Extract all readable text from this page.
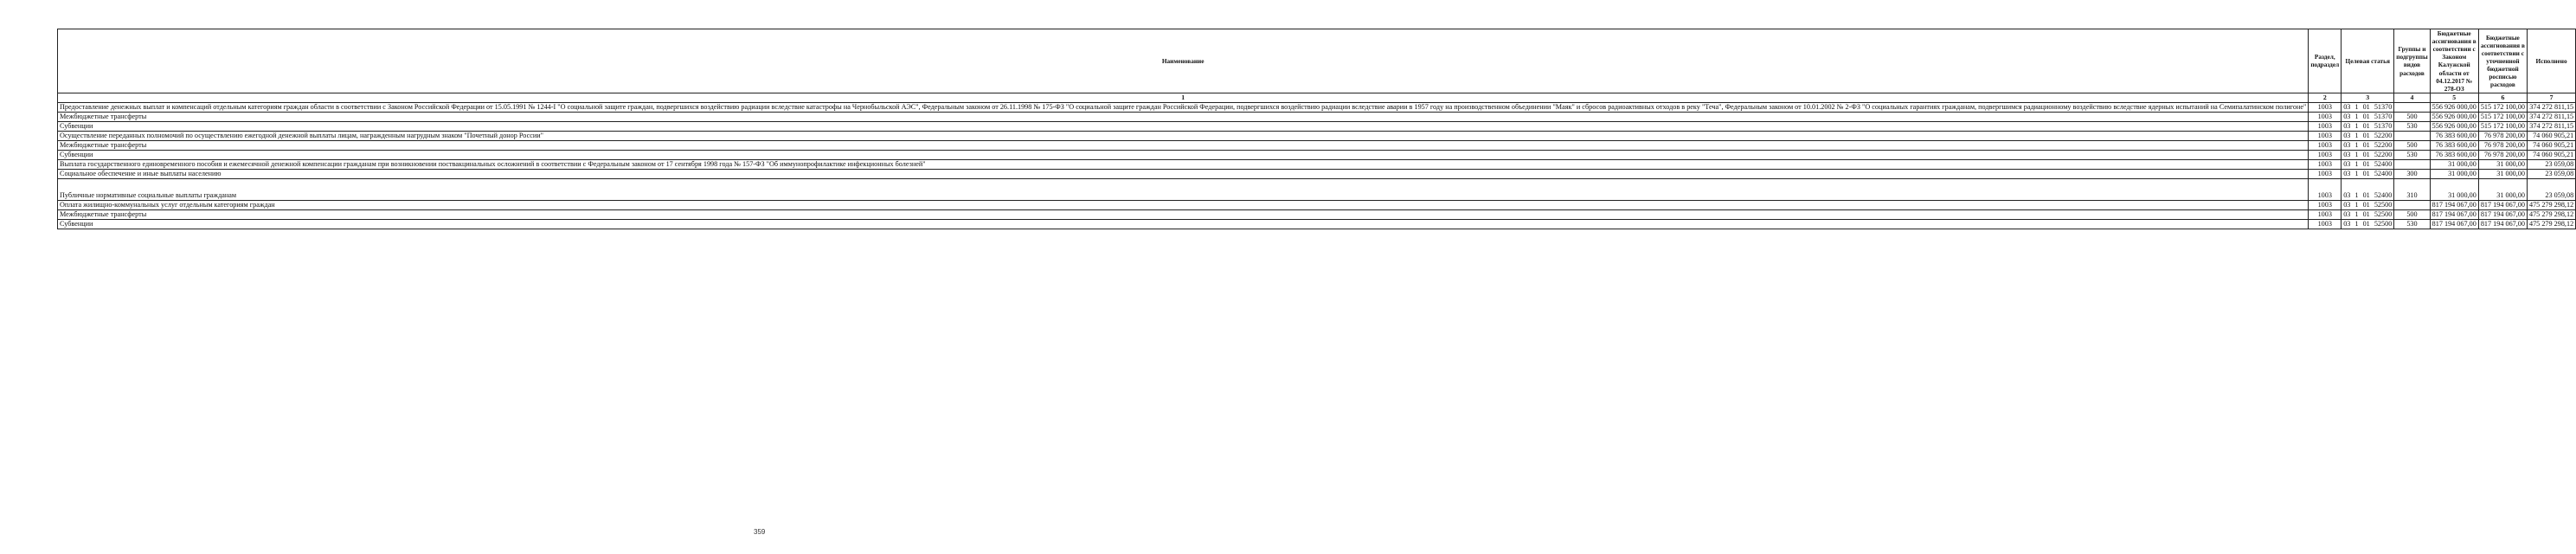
Наименование	Раздел, подраздел	Целевая статья	Группы и подгруппы видов расходов	Бюджетные ассигнования в соответствии с Законом Калужской области от 04.12.2017 № 278-ОЗ	Бюджетные ассигнования в соответствии с уточненной бюджетной росписью расходов	Исполнено
1	2	3	4	5	6	7
Предоставление денежных выплат и компенсаций отдельным категориям граждан области в соответствии с Законом Российской Федерации от 15.05.1991 № 1244-I "О социальной защите граждан, подвергшихся воздействию радиации вследствие катастрофы на Чернобыльской АЭС", Федеральным законом от 26.11.1998 № 175-ФЗ "О социальной защите граждан Российской Федерации, подвергшихся воздействию радиации вследствие аварии в 1957 году на производственном объединении "Маяк" и сбросов радиоактивных отходов в реку "Теча", Федеральным законом от 10.01.2002 № 2-ФЗ "О социальных гарантиях гражданам, подвергшимся радиационному воздействию вследствие ядерных испытаний на Семипалатинском полигоне"	1003	03 1 01 51370		556 926 000,00	515 172 100,00	374 272 811,15
Межбюджетные трансферты	1003	03 1 01 51370	500	556 926 000,00	515 172 100,00	374 272 811,15
Субвенции	1003	03 1 01 51370	530	556 926 000,00	515 172 100,00	374 272 811,15
Осуществление переданных полномочий по осуществлению ежегодной денежной выплаты лицам, награжденным нагрудным знаком "Почетный донор России"	1003	03 1 01 52200		76 383 600,00	76 978 200,00	74 060 905,21
Межбюджетные трансферты	1003	03 1 01 52200	500	76 383 600,00	76 978 200,00	74 060 905,21
Субвенции	1003	03 1 01 52200	530	76 383 600,00	76 978 200,00	74 060 905,21
Выплата государственного единовременного пособия и ежемесячной денежной компенсации гражданам при возникновении поствакцинальных осложнений в соответствии с Федеральным законом от 17 сентября 1998 года № 157-ФЗ "Об иммунопрофилактике инфекционных болезней"	1003	03 1 01 52400		31 000,00	31 000,00	23 059,08
Социальное обеспечение и иные выплаты населению	1003	03 1 01 52400	300	31 000,00	31 000,00	23 059,08
Публичные нормативные социальные выплаты гражданам	1003	03 1 01 52400	310	31 000,00	31 000,00	23 059,08
Оплата жилищно-коммунальных услуг отдельным категориям граждан	1003	03 1 01 52500		817 194 067,00	817 194 067,00	475 279 298,12
Межбюджетные трансферты	1003	03 1 01 52500	500	817 194 067,00	817 194 067,00	475 279 298,12
Субвенции	1003	03 1 01 52500	530	817 194 067,00	817 194 067,00	475 279 298,12
359
